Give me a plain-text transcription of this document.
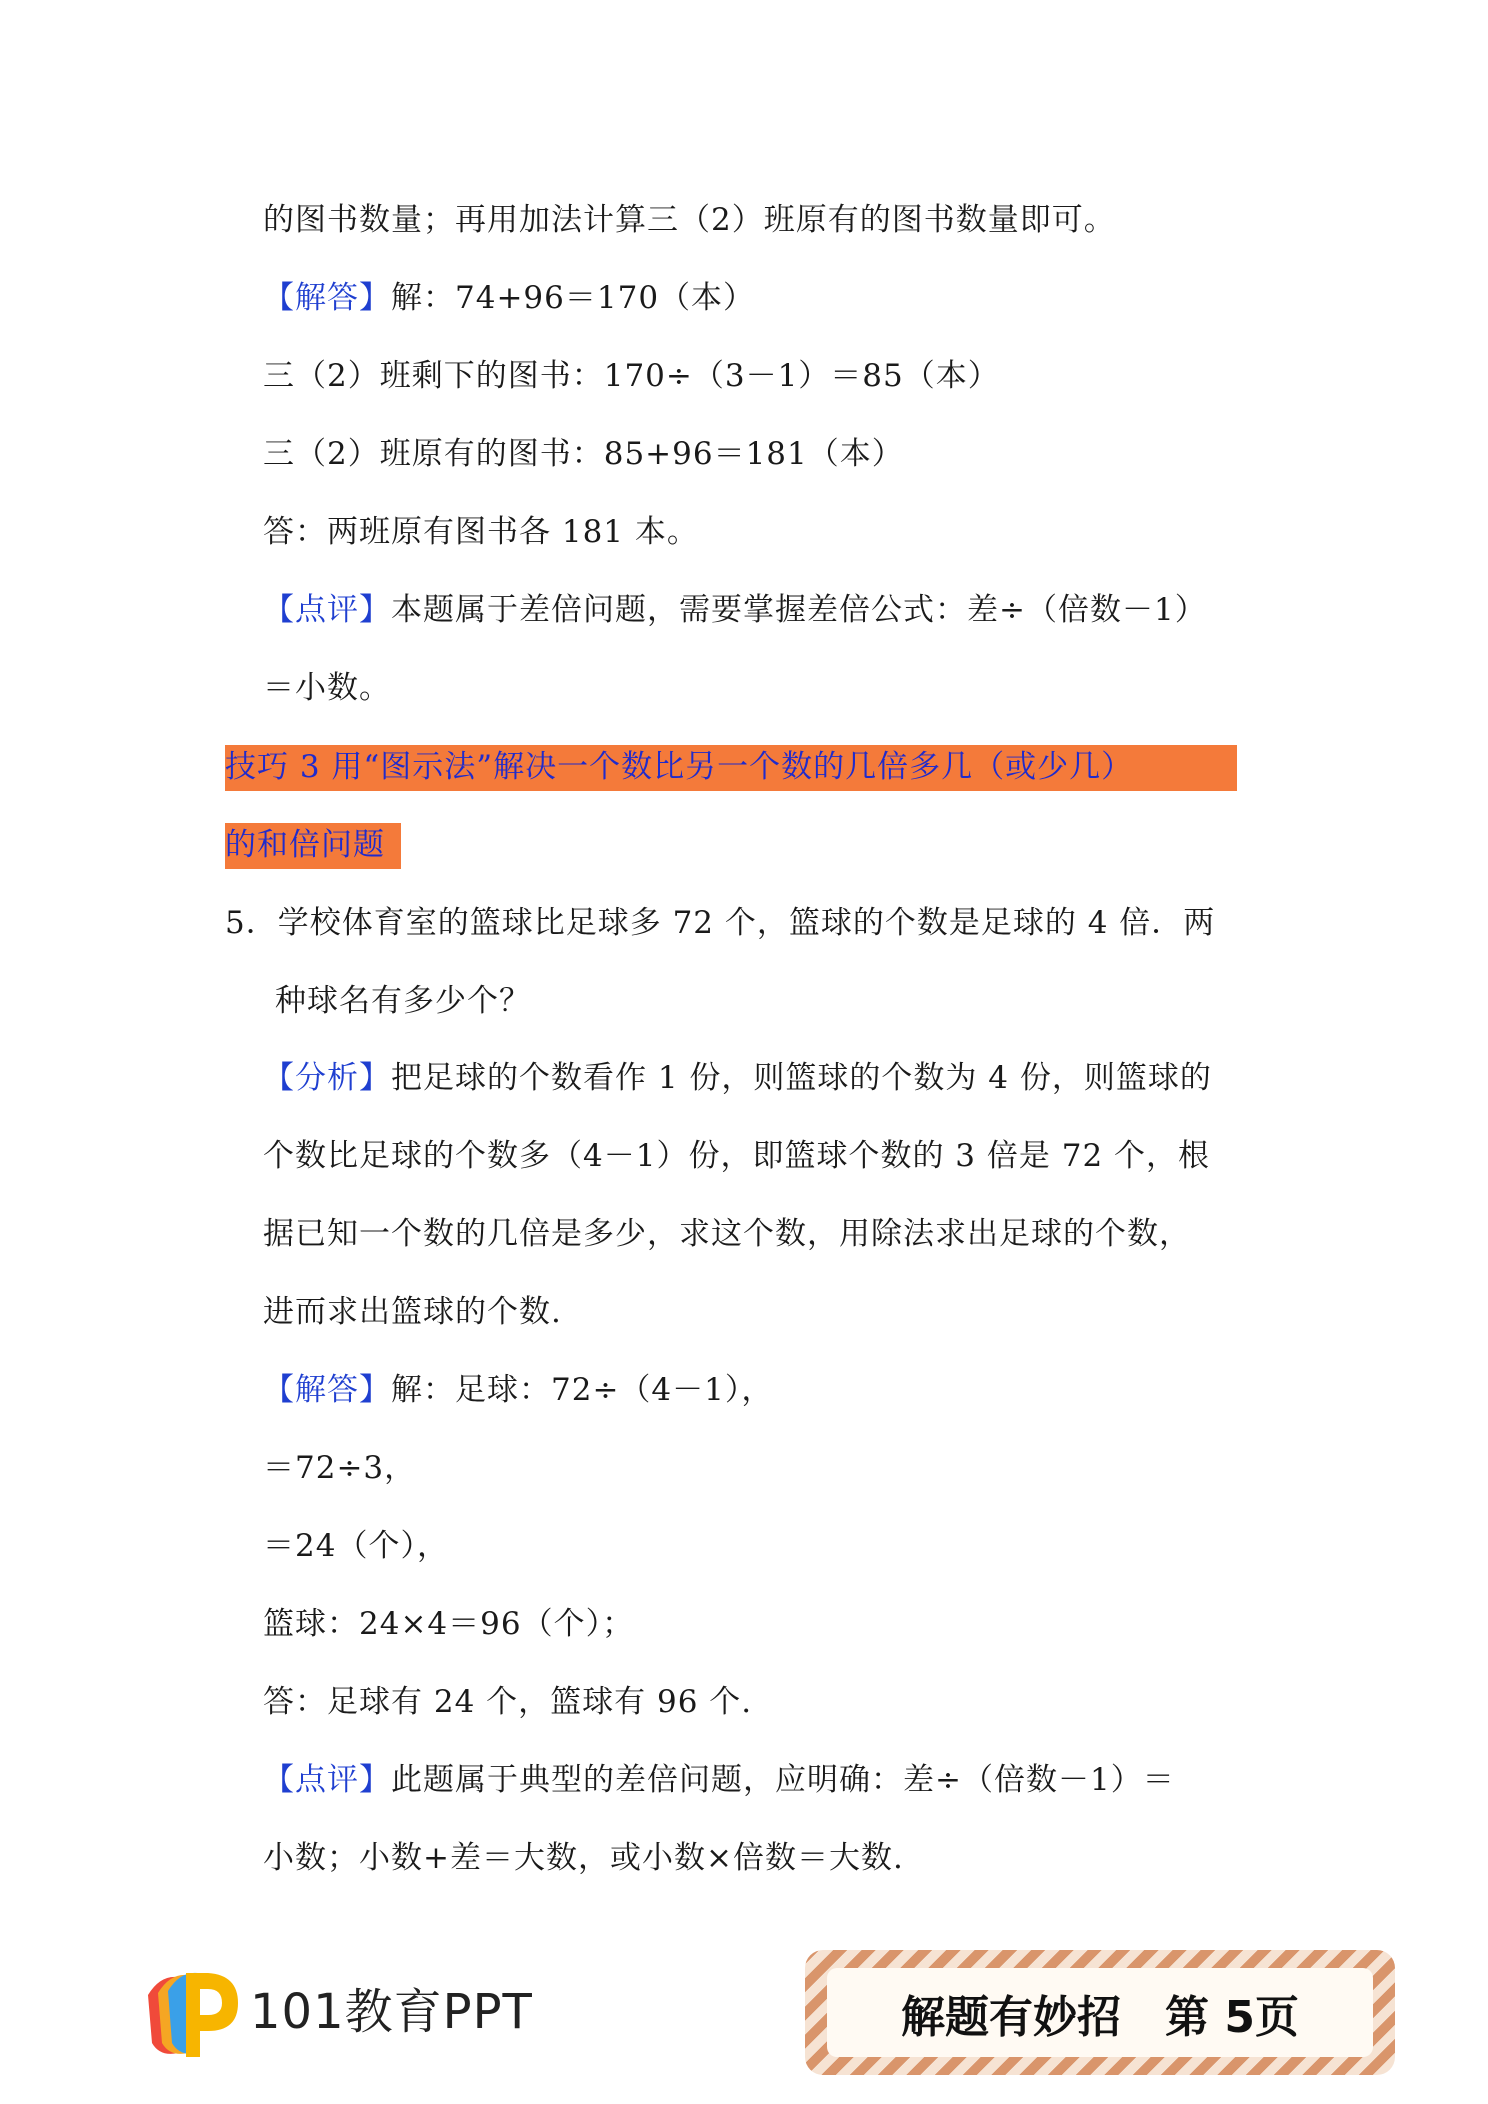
的图书数量；再用加法计算三（2）班原有的图书数量即可。
【解答】解：74+96＝170（本）
三（2）班剩下的图书：170÷（3－1）＝85（本）
三（2）班原有的图书：85+96＝181（本）
答：两班原有图书各 181 本。
【点评】本题属于差倍问题，需要掌握差倍公式：差÷（倍数－1）
＝小数。
技巧 3 用“图示法”解决一个数比另一个数的几倍多几（或少几）
的和倍问题
5．学校体育室的篮球比足球多 72 个，篮球的个数是足球的 4 倍．两
种球名有多少个？
【分析】把足球的个数看作 1 份，则篮球的个数为 4 份，则篮球的
个数比足球的个数多（4－1）份，即篮球个数的 3 倍是 72 个，根
据已知一个数的几倍是多少，求这个数，用除法求出足球的个数，
进而求出篮球的个数.
【解答】解：足球：72÷（4－1），
＝72÷3，
＝24（个），
篮球：24×4＝96（个）；
答：足球有 24 个，篮球有 96 个.
【点评】此题属于典型的差倍问题，应明确：差÷（倍数－1）＝
小数；小数+差＝大数，或小数×倍数＝大数.
101教育PPT	解题有妙招　第 5页
